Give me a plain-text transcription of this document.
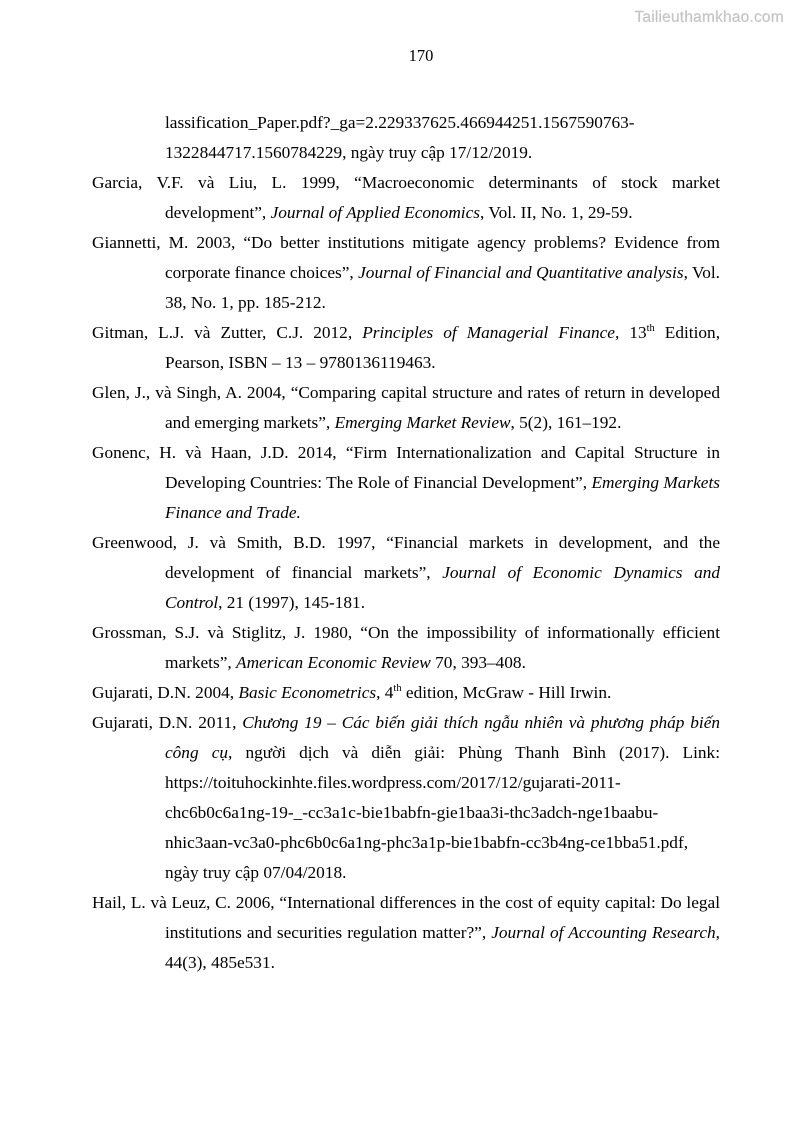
Tailieuthamkhao.com
170

lassification_Paper.pdf?_ga=2.229337625.466944251.1567590763-1322844717.1560784229, ngày truy cập 17/12/2019.

Garcia, V.F. và Liu, L. 1999, “Macroeconomic determinants of stock market development”, Journal of Applied Economics, Vol. II, No. 1, 29-59.

Giannetti, M. 2003, “Do better institutions mitigate agency problems? Evidence from corporate finance choices”, Journal of Financial and Quantitative analysis, Vol. 38, No. 1, pp. 185-212.

Gitman, L.J. và Zutter, C.J. 2012, Principles of Managerial Finance, 13th Edition, Pearson, ISBN – 13 – 9780136119463.

Glen, J., và Singh, A. 2004, “Comparing capital structure and rates of return in developed and emerging markets”, Emerging Market Review, 5(2), 161–192.

Gonenc, H. và Haan, J.D. 2014, “Firm Internationalization and Capital Structure in Developing Countries: The Role of Financial Development”, Emerging Markets Finance and Trade.

Greenwood, J. và Smith, B.D. 1997, “Financial markets in development, and the development of financial markets”, Journal of Economic Dynamics and Control, 21 (1997), 145-181.

Grossman, S.J. và Stiglitz, J. 1980, “On the impossibility of informationally efficient markets”, American Economic Review 70, 393–408.

Gujarati, D.N. 2004, Basic Econometrics, 4th edition, McGraw - Hill Irwin.

Gujarati, D.N. 2011, Chương 19 – Các biến giải thích ngẫu nhiên và phương pháp biến công cụ, người dịch và diễn giải: Phùng Thanh Bình (2017). Link: https://toituhockinhte.files.wordpress.com/2017/12/gujarati-2011-chc6b0c6a1ng-19-_-cc3a1c-bie1babfn-gie1baa3i-thc3adch-nge1baabu-nhic3aan-vc3a0-phc6b0c6a1ng-phc3a1p-bie1babfn-cc3b4ng-ce1bba51.pdf, ngày truy cập 07/04/2018.

Hail, L. và Leuz, C. 2006, “International differences in the cost of equity capital: Do legal institutions and securities regulation matter?”, Journal of Accounting Research, 44(3), 485e531.
